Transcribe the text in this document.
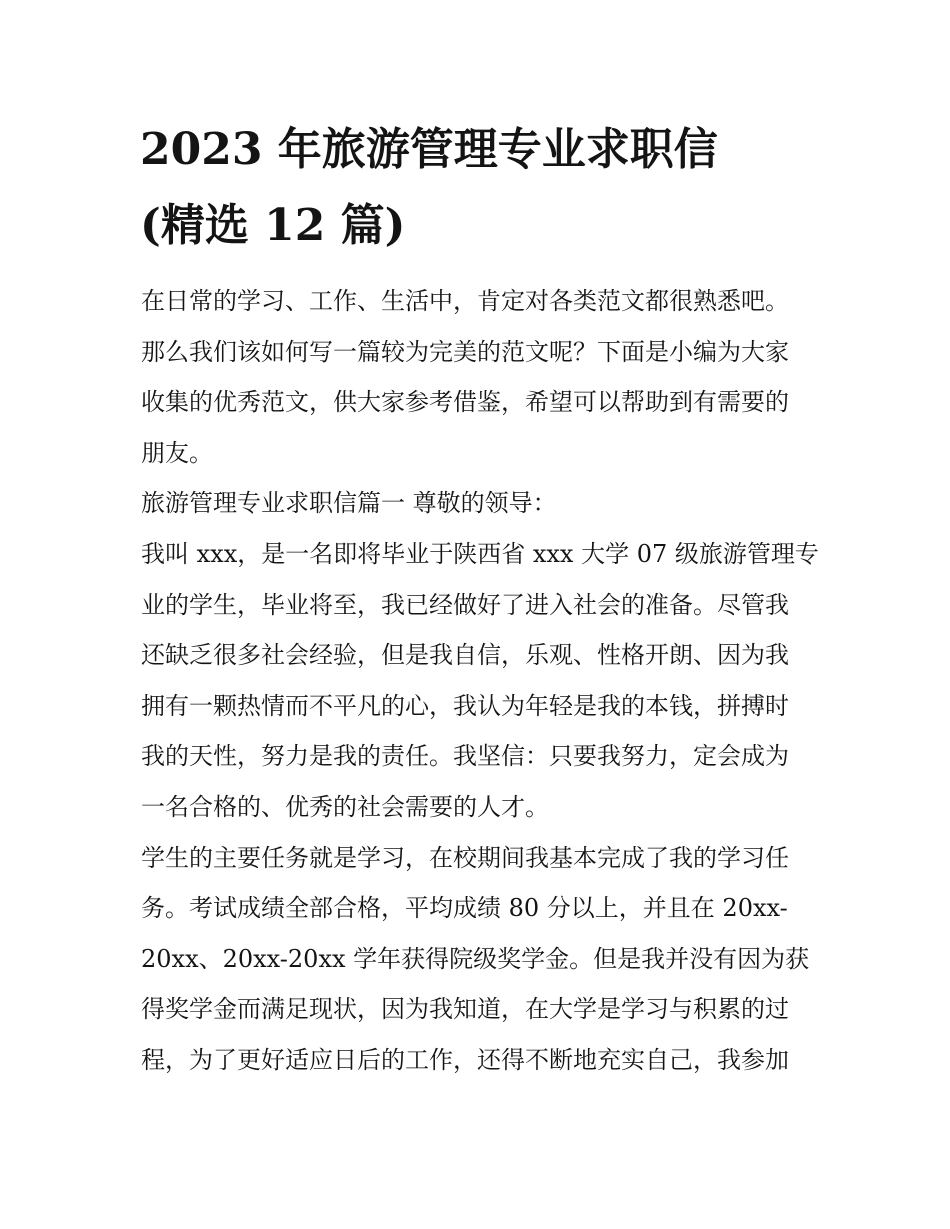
2023 年旅游管理专业求职信
(精选 12 篇)
在日常的学习、工作、生活中，肯定对各类范文都很熟悉吧。
那么我们该如何写一篇较为完美的范文呢？下面是小编为大家
收集的优秀范文，供大家参考借鉴，希望可以帮助到有需要的
朋友。
旅游管理专业求职信篇一 尊敬的领导：
我叫 xxx，是一名即将毕业于陕西省 xxx 大学 07 级旅游管理专
业的学生，毕业将至，我已经做好了进入社会的准备。尽管我
还缺乏很多社会经验，但是我自信，乐观、性格开朗、因为我
拥有一颗热情而不平凡的心，我认为年轻是我的本钱，拼搏时
我的天性，努力是我的责任。我坚信：只要我努力，定会成为
一名合格的、优秀的社会需要的人才。
学生的主要任务就是学习，在校期间我基本完成了我的学习任
务。考试成绩全部合格，平均成绩 80 分以上，并且在 20xx-
20xx、20xx-20xx 学年获得院级奖学金。但是我并没有因为获
得奖学金而满足现状，因为我知道，在大学是学习与积累的过
程，为了更好适应日后的工作，还得不断地充实自己，我参加
